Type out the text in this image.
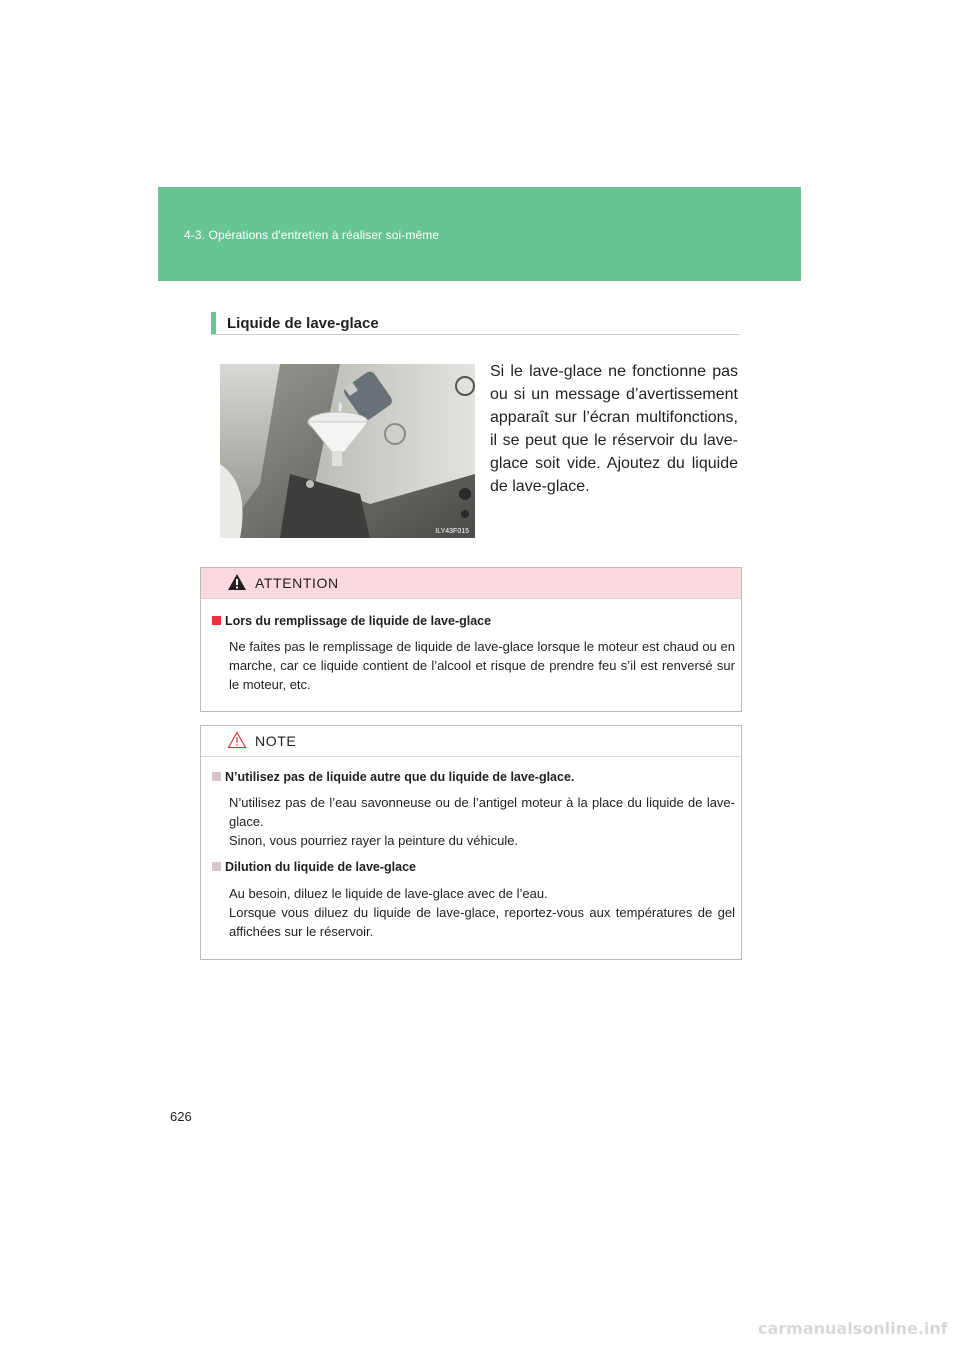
4-3. Opérations d'entretien à réaliser soi-même
Liquide de lave-glace
ILY43F015
Si le lave-glace ne fonctionne pas ou si un message d’avertissement apparaît sur l’écran multifonctions, il se peut que le réservoir du lave-glace soit vide. Ajoutez du liquide de lave-glace.
ATTENTION
Lors du remplissage de liquide de lave-glace
Ne faites pas le remplissage de liquide de lave-glace lorsque le moteur est chaud ou en marche, car ce liquide contient de l’alcool et risque de prendre feu s’il est renversé sur le moteur, etc.
NOTE
N’utilisez pas de liquide autre que du liquide de lave-glace.
N’utilisez pas de l’eau savonneuse ou de l’antigel moteur à la place du liquide de lave-glace.
Sinon, vous pourriez rayer la peinture du véhicule.
Dilution du liquide de lave-glace
Au besoin, diluez le liquide de lave-glace avec de l’eau.
Lorsque vous diluez du liquide de lave-glace, reportez-vous aux températures de gel affichées sur le réservoir.
626
carmanualsonline.info
